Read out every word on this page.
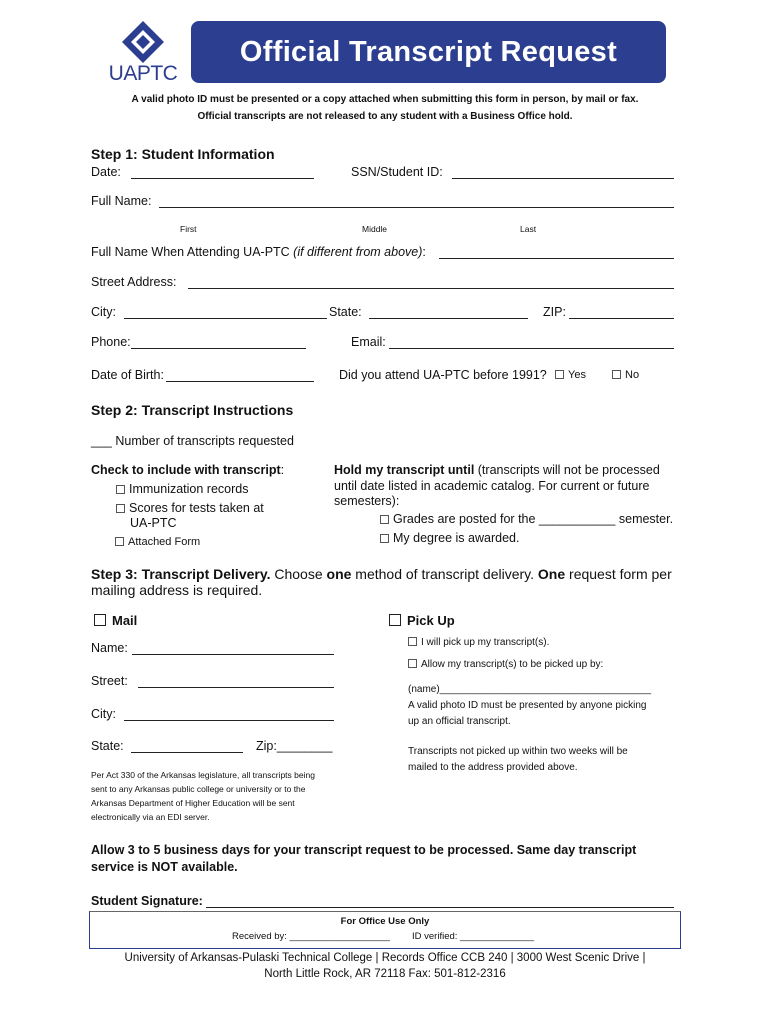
UAPTC
Official Transcript Request
A valid photo ID must be presented or a copy attached when submitting this form in person, by mail or fax.
Official transcripts are not released to any student with a Business Office hold.
Step 1: Student Information
Date:	SSN/Student ID:
Full Name:
First	Middle	Last
Full Name When Attending UA-PTC (if different from above):
Street Address:
City:	State:	ZIP:
Phone:	Email:
Date of Birth:	Did you attend UA-PTC before 1991?	Yes	No
Step 2: Transcript Instructions
___ Number of transcripts requested
Check to include with transcript:
Immunization records
Scores for tests taken at
UA-PTC
Attached Form
Hold my transcript until (transcripts will not be processed
until date listed in academic catalog. For current or future
semesters):
Grades are posted for the ___________ semester.
My degree is awarded.
Step 3: Transcript Delivery. Choose one method of transcript delivery. One request form per
mailing address is required.
Mail	Pick Up
Name:
Street:
City:
State:	Zip:________
Per Act 330 of the Arkansas legislature, all transcripts being
sent to any Arkansas public college or university or to the
Arkansas Department of Higher Education will be sent
electronically via an EDI server.
I will pick up my transcript(s).
Allow my transcript(s) to be picked up by:
(name)______________________________________
A valid photo ID must be presented by anyone picking
up an official transcript.
Transcripts not picked up within two weeks will be
mailed to the address provided above.
Allow 3 to 5 business days for your transcript request to be processed. Same day transcript
service is NOT available.
Student Signature:
For Office Use Only
Received by: ___________________ ID verified: ______________
University of Arkansas-Pulaski Technical College | Records Office CCB 240 | 3000 West Scenic Drive |
North Little Rock, AR 72118 Fax: 501-812-2316
